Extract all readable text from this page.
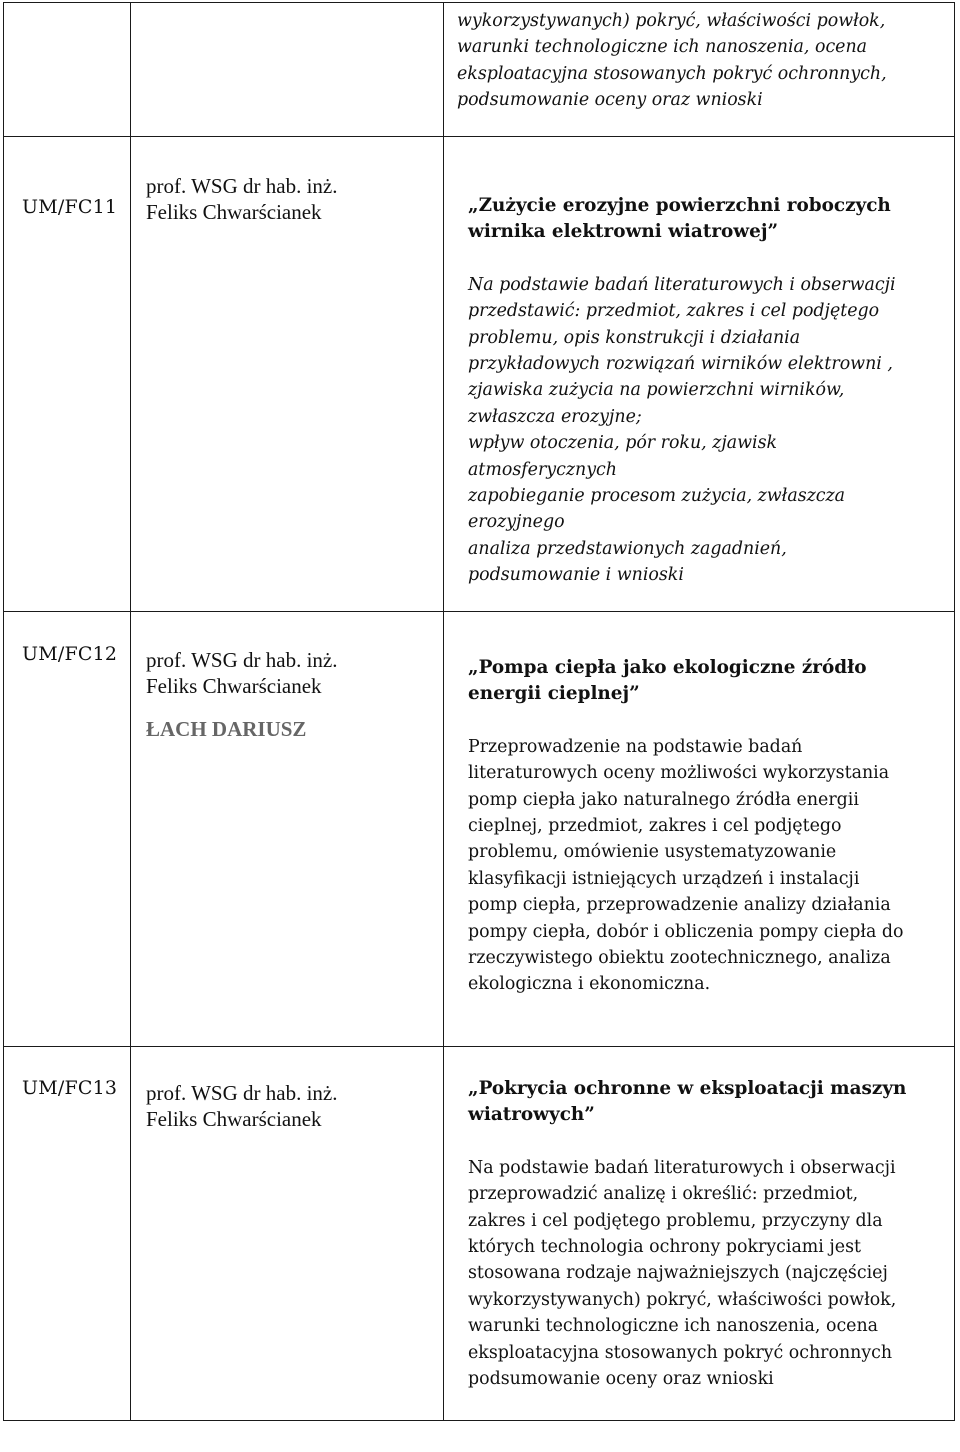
wykorzystywanych) pokryć, właściwości powłok,
warunki technologiczne ich nanoszenia, ocena
eksploatacyjna stosowanych pokryć ochronnych,
podsumowanie oceny oraz wnioski
UM/FC11
prof. WSG dr hab. inż.
Feliks Chwarścianek	„Zużycie erozyjne powierzchni roboczych
wirnika elektrowni wiatrowej”
Na podstawie badań literaturowych i obserwacji
przedstawić: przedmiot, zakres i cel podjętego
problemu, opis konstrukcji i działania
przykładowych rozwiązań wirników elektrowni ,
zjawiska zużycia na powierzchni wirników,
zwłaszcza erozyjne;
wpływ otoczenia, pór roku, zjawisk
atmosferycznych
zapobieganie procesom zużycia, zwłaszcza
erozyjnego
analiza przedstawionych zagadnień,
podsumowanie i wnioski
UM/FC12 prof. WSG dr hab. inż.
Feliks Chwarścianek
ŁACH DARIUSZ
„Pompa ciepła jako ekologiczne źródło
energii cieplnej”
Przeprowadzenie na podstawie badań
literaturowych oceny możliwości wykorzystania
pomp ciepła jako naturalnego źródła energii
cieplnej, przedmiot, zakres i cel podjętego
problemu, omówienie usystematyzowanie
klasyfikacji istniejących urządzeń i instalacji
pomp ciepła, przeprowadzenie analizy działania
pompy ciepła, dobór i obliczenia pompy ciepła do
rzeczywistego obiektu zootechnicznego, analiza
ekologiczna i ekonomiczna.
UM/FC13 prof. WSG dr hab. inż.
Feliks Chwarścianek
„Pokrycia ochronne w eksploatacji maszyn
wiatrowych”
Na podstawie badań literaturowych i obserwacji
przeprowadzić analizę i określić: przedmiot,
zakres i cel podjętego problemu, przyczyny dla
których technologia ochrony pokryciami jest
stosowana rodzaje najważniejszych (najczęściej
wykorzystywanych) pokryć, właściwości powłok,
warunki technologiczne ich nanoszenia, ocena
eksploatacyjna stosowanych pokryć ochronnych
podsumowanie oceny oraz wnioski
